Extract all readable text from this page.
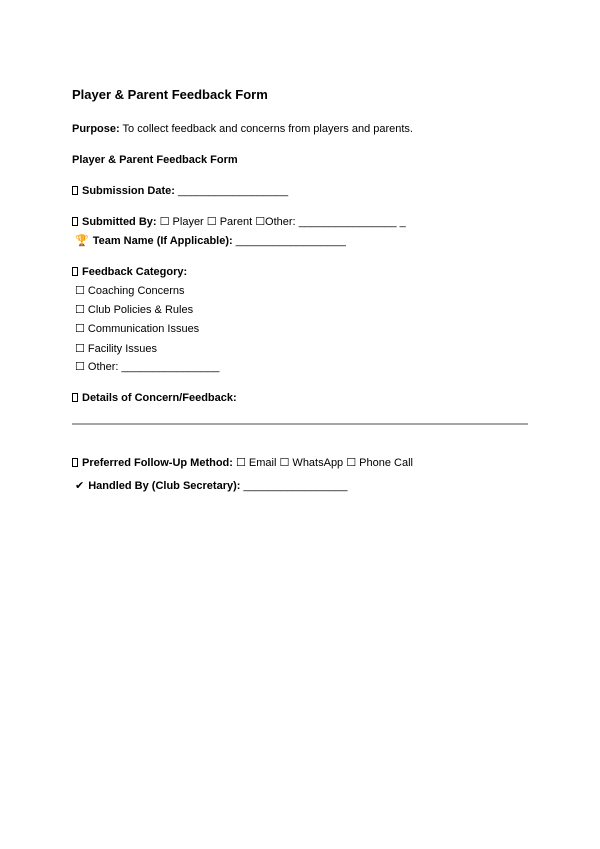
Player & Parent Feedback Form
Purpose: To collect feedback and concerns from players and parents.
Player & Parent Feedback Form
Submission Date: __________________
Submitted By: ☐ Player ☐ Parent ☐Other: ________________ _
🏆 Team Name (If Applicable): __________________
Feedback Category:
☐ Coaching Concerns
☐ Club Policies & Rules
☐ Communication Issues
☐ Facility Issues
☐ Other: ________________
Details of Concern/Feedback:
Preferred Follow-Up Method: ☐ Email ☐ WhatsApp ☐ Phone Call
✔ Handled By (Club Secretary): _________________
